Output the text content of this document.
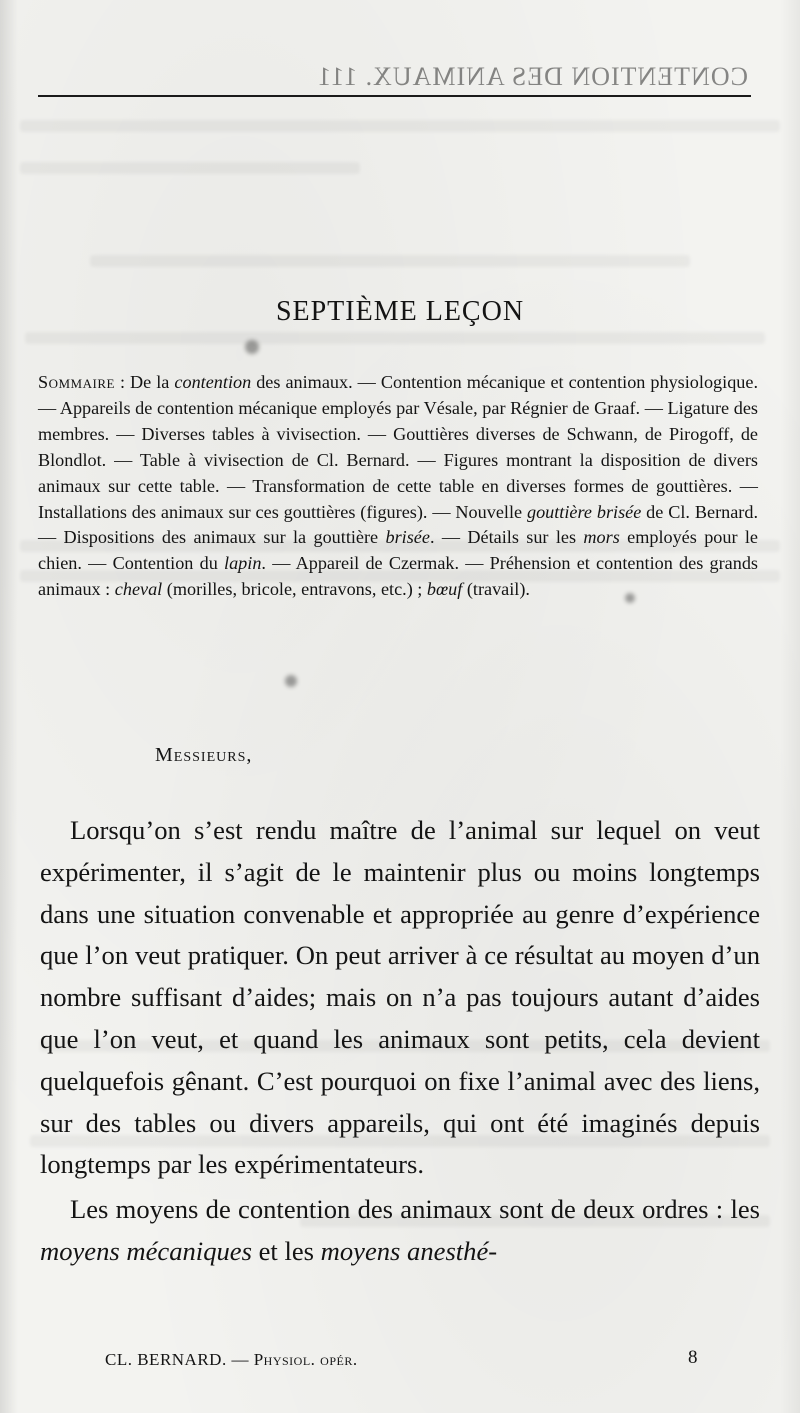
CONTENTION DES ANIMAUX. 111
SEPTIÈME LEÇON

Sommaire : De la contention des animaux. — Contention mécanique et contention physiologique. — Appareils de contention mécanique employés par Vésale, par Régnier de Graaf. — Ligature des membres. — Diverses tables à vivisection. — Gouttières diverses de Schwann, de Pirogoff, de Blondlot. — Table à vivisection de Cl. Bernard. — Figures montrant la disposition de divers animaux sur cette table. — Transformation de cette table en diverses formes de gouttières. — Installations des animaux sur ces gouttières (figures). — Nouvelle gouttière brisée de Cl. Bernard. — Dispositions des animaux sur la gouttière brisée. — Détails sur les mors employés pour le chien. — Contention du lapin. — Appareil de Czermak. — Préhension et contention des grands animaux : cheval (morilles, bricole, entravons, etc.) ; bœuf (travail).

Messieurs,

Lorsqu’on s’est rendu maître de l’animal sur lequel on veut expérimenter, il s’agit de le maintenir plus ou moins longtemps dans une situation convenable et appropriée au genre d’expérience que l’on veut pratiquer. On peut arriver à ce résultat au moyen d’un nombre suffisant d’aides; mais on n’a pas toujours autant d’aides que l’on veut, et quand les animaux sont petits, cela devient quelquefois gênant. C’est pourquoi on fixe l’animal avec des liens, sur des tables ou divers appareils, qui ont été imaginés depuis longtemps par les expérimentateurs.

Les moyens de contention des animaux sont de deux ordres : les moyens mécaniques et les moyens anesthé-

CL. BERNARD. — Physiol. opér.	8
